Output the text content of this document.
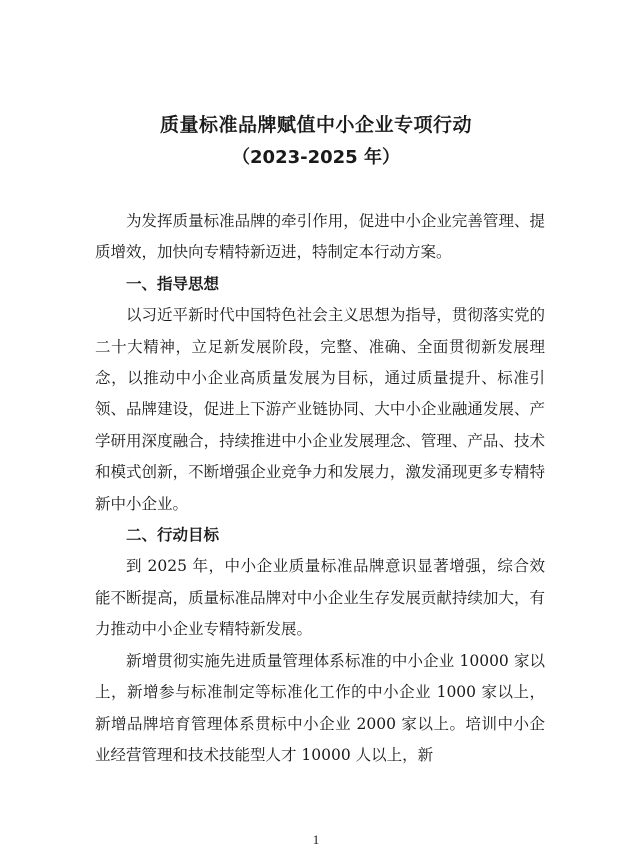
质量标准品牌赋值中小企业专项行动
（2023-2025 年）

为发挥质量标准品牌的牵引作用，促进中小企业完善管理、提质增效，加快向专精特新迈进，特制定本行动方案。

一、指导思想

以习近平新时代中国特色社会主义思想为指导，贯彻落实党的二十大精神，立足新发展阶段，完整、准确、全面贯彻新发展理念，以推动中小企业高质量发展为目标，通过质量提升、标准引领、品牌建设，促进上下游产业链协同、大中小企业融通发展、产学研用深度融合，持续推进中小企业发展理念、管理、产品、技术和模式创新，不断增强企业竞争力和发展力，激发涌现更多专精特新中小企业。

二、行动目标

到 2025 年，中小企业质量标准品牌意识显著增强，综合效能不断提高，质量标准品牌对中小企业生存发展贡献持续加大，有力推动中小企业专精特新发展。

新增贯彻实施先进质量管理体系标准的中小企业 10000 家以上，新增参与标准制定等标准化工作的中小企业 1000 家以上，新增品牌培育管理体系贯标中小企业 2000 家以上。培训中小企业经营管理和技术技能型人才 10000 人以上，新

1
